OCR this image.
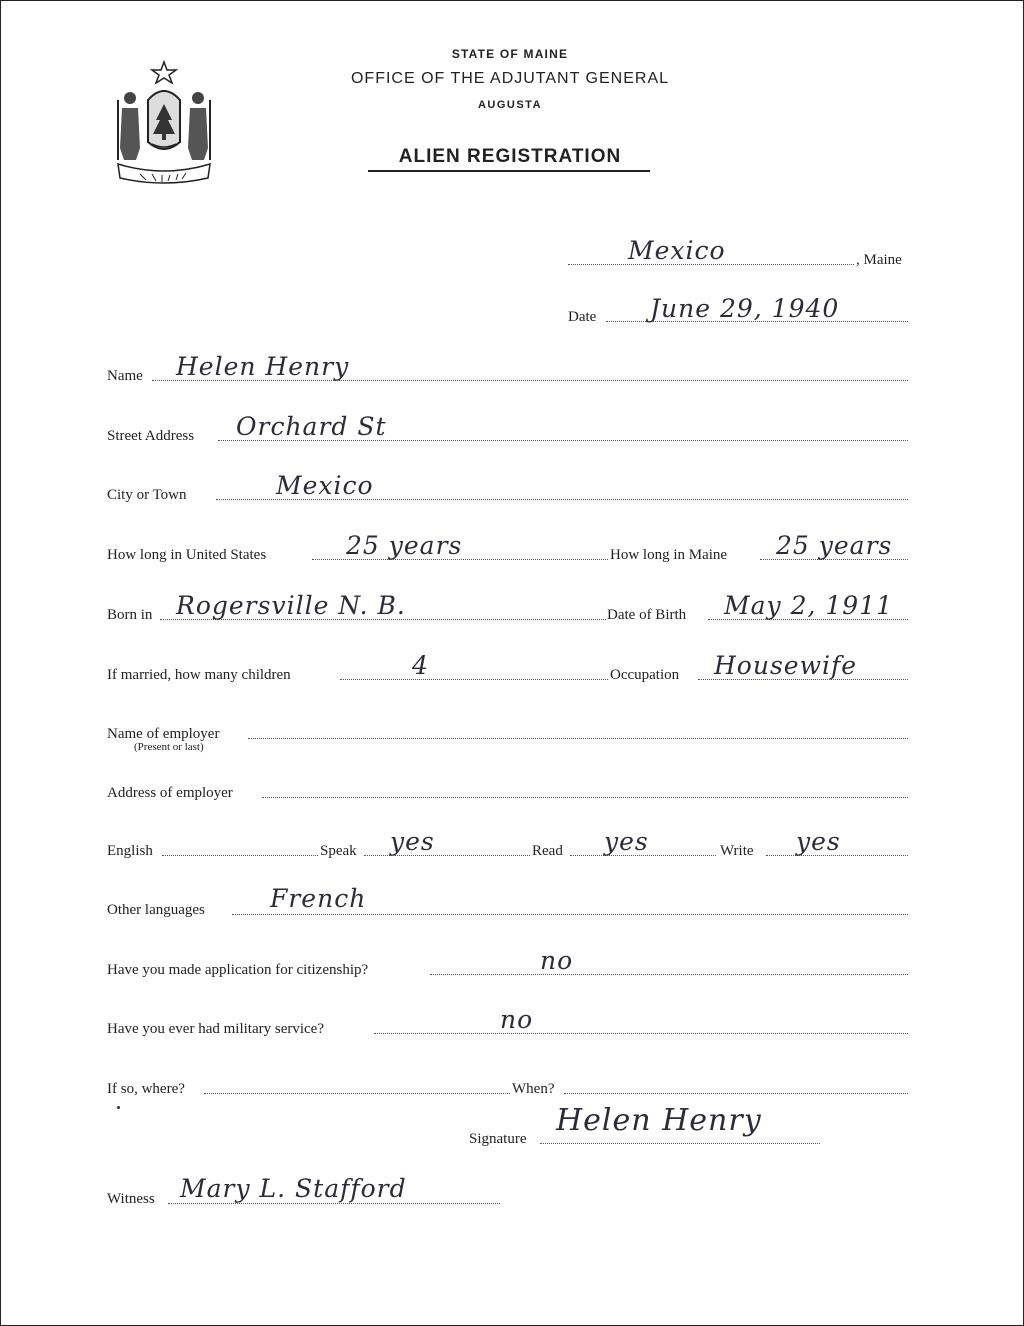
STATE OF MAINE
OFFICE OF THE ADJUTANT GENERAL
AUGUSTA
ALIEN REGISTRATION
Mexico	, Maine
Date June 29, 1940
Name Helen Henry
Street Address Orchard St
City or Town	Mexico
How long in United States	25 years	How long in Maine 25 years
Born in Rogersville N. B.	Date of Birth May 2, 1911
If married, how many children	4	Occupation Housewife
Name of employer
(Present or last)
Address of employer
English	Speak yes	Read yes	Write yes
Other languages	French
Have you made application for citizenship?	no
Have you ever had military service?	no
If so, where?	When?
Signature
Helen Henry
Witness Mary L. Stafford
